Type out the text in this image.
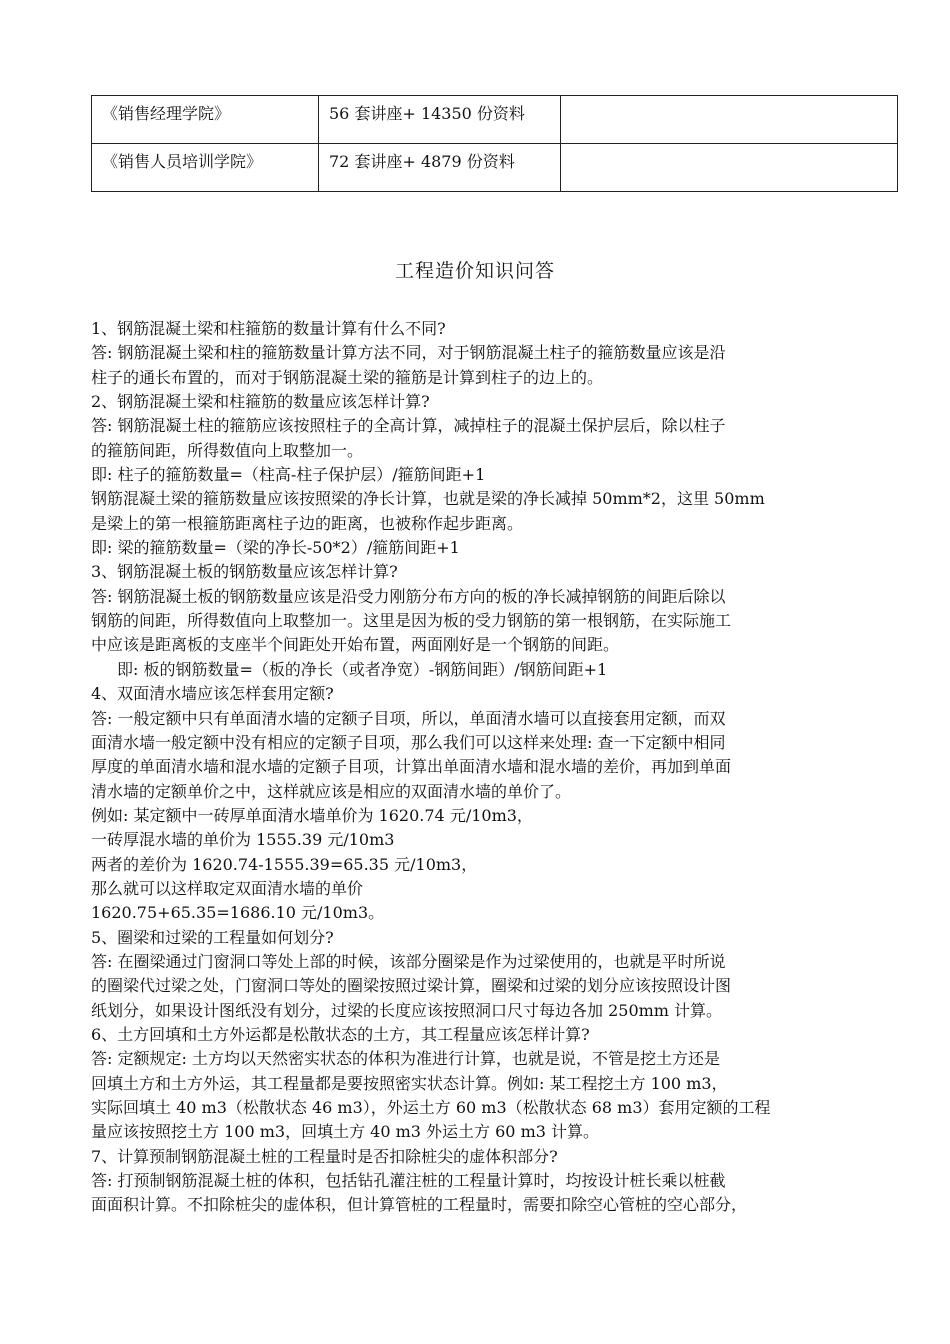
《销售经理学院》	56 套讲座+ 14350 份资料	
《销售人员培训学院》	72 套讲座+ 4879 份资料	
工程造价知识问答

1、钢筋混凝土梁和柱箍筋的数量计算有什么不同?

答: 钢筋混凝土梁和柱的箍筋数量计算方法不同，对于钢筋混凝土柱子的箍筋数量应该是沿

柱子的通长布置的，而对于钢筋混凝土梁的箍筋是计算到柱子的边上的。

2、钢筋混凝土梁和柱箍筋的数量应该怎样计算?

答: 钢筋混凝土柱的箍筋应该按照柱子的全高计算，减掉柱子的混凝土保护层后，除以柱子

的箍筋间距，所得数值向上取整加一。

即: 柱子的箍筋数量=（柱高-柱子保护层）/箍筋间距+1

钢筋混凝土梁的箍筋数量应该按照梁的净长计算，也就是梁的净长减掉 50mm*2，这里 50mm

是梁上的第一根箍筋距离柱子边的距离，也被称作起步距离。

即: 梁的箍筋数量=（梁的净长-50*2）/箍筋间距+1

3、钢筋混凝土板的钢筋数量应该怎样计算?

答: 钢筋混凝土板的钢筋数量应该是沿受力刚筋分布方向的板的净长减掉钢筋的间距后除以

钢筋的间距，所得数值向上取整加一。这里是因为板的受力钢筋的第一根钢筋，在实际施工

中应该是距离板的支座半个间距处开始布置，两面刚好是一个钢筋的间距。

即: 板的钢筋数量=（板的净长（或者净宽）-钢筋间距）/钢筋间距+1

4、双面清水墙应该怎样套用定额?

答: 一般定额中只有单面清水墙的定额子目项，所以，单面清水墙可以直接套用定额，而双

面清水墙一般定额中没有相应的定额子目项，那么我们可以这样来处理: 查一下定额中相同

厚度的单面清水墙和混水墙的定额子目项，计算出单面清水墙和混水墙的差价，再加到单面

清水墙的定额单价之中，这样就应该是相应的双面清水墙的单价了。

例如: 某定额中一砖厚单面清水墙单价为 1620.74 元/10m3，

一砖厚混水墙的单价为 1555.39 元/10m3

两者的差价为 1620.74-1555.39=65.35 元/10m3，

那么就可以这样取定双面清水墙的单价

1620.75+65.35=1686.10 元/10m3。

5、圈梁和过梁的工程量如何划分?

答: 在圈梁通过门窗洞口等处上部的时候，该部分圈梁是作为过梁使用的，也就是平时所说

的圈梁代过梁之处，门窗洞口等处的圈梁按照过梁计算，圈梁和过梁的划分应该按照设计图

纸划分，如果设计图纸没有划分，过梁的长度应该按照洞口尺寸每边各加 250mm 计算。

6、土方回填和土方外运都是松散状态的土方，其工程量应该怎样计算?

答: 定额规定: 土方均以天然密实状态的体积为准进行计算，也就是说，不管是挖土方还是

回填土方和土方外运，其工程量都是要按照密实状态计算。例如: 某工程挖土方 100 m3，

实际回填土 40 m3（松散状态 46 m3），外运土方 60 m3（松散状态 68 m3）套用定额的工程

量应该按照挖土方 100 m3，回填土方 40 m3 外运土方 60 m3 计算。

7、计算预制钢筋混凝土桩的工程量时是否扣除桩尖的虚体积部分?

答: 打预制钢筋混凝土桩的体积，包括钻孔灌注桩的工程量计算时，均按设计桩长乘以桩截

面面积计算。不扣除桩尖的虚体积，但计算管桩的工程量时，需要扣除空心管桩的空心部分，
